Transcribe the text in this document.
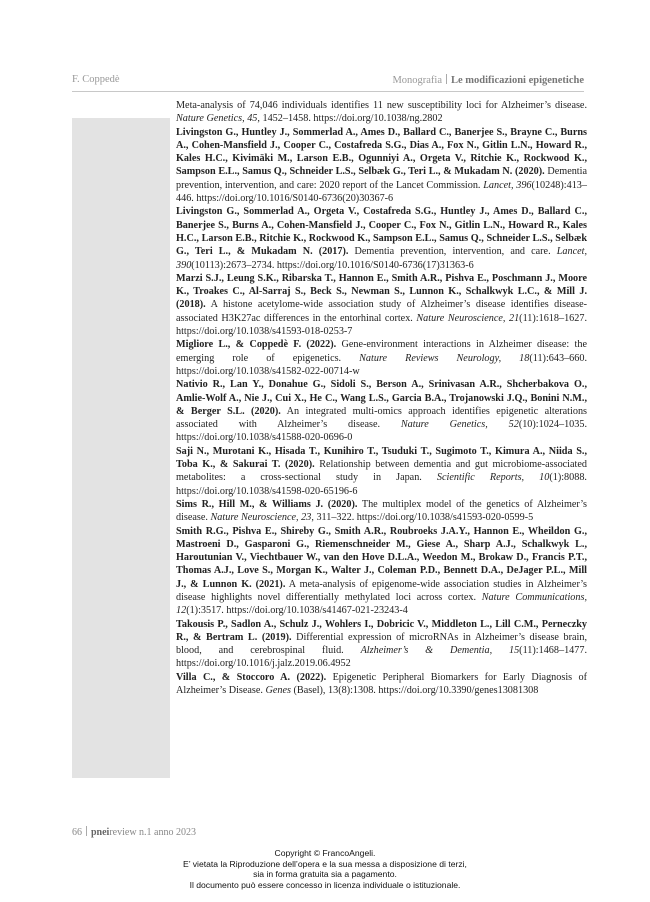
F. Coppedè	Monografia Le modificazioni epigenetiche

Meta-analysis of 74,046 individuals identifies 11 new susceptibility loci for Alzheimer’s disease. Nature Genetics, 45, 1452–1458. https://doi.org/10.1038/ng.2802

Livingston G., Huntley J., Sommerlad A., Ames D., Ballard C., Banerjee S., Brayne C., Burns A., Cohen-Mansfield J., Cooper C., Costafreda S.G., Dias A., Fox N., Gitlin L.N., Howard R., Kales H.C., Kivimäki M., Larson E.B., Ogunniyi A., Orgeta V., Ritchie K., Rockwood K., Sampson E.L., Samus Q., Schneider L.S., Selbæk G., Teri L., & Mukadam N. (2020). Dementia prevention, intervention, and care: 2020 report of the Lancet Commission. Lancet, 396(10248):413–446. https://doi.org/10.1016/S0140-6736(20)30367-6

Livingston G., Sommerlad A., Orgeta V., Costafreda S.G., Huntley J., Ames D., Ballard C., Banerjee S., Burns A., Cohen-Mansfield J., Cooper C., Fox N., Gitlin L.N., Howard R., Kales H.C., Larson E.B., Ritchie K., Rockwood K., Sampson E.L., Samus Q., Schneider L.S., Selbæk G., Teri L., & Mukadam N. (2017). Dementia prevention, intervention, and care. Lancet, 390(10113):2673–2734. https://doi.org/10.1016/S0140-6736(17)31363-6

Marzi S.J., Leung S.K., Ribarska T., Hannon E., Smith A.R., Pishva E., Poschmann J., Moore K., Troakes C., Al-Sarraj S., Beck S., Newman S., Lunnon K., Schalkwyk L.C., & Mill J. (2018). A histone acetylome-wide association study of Alzheimer’s disease identifies disease-associated H3K27ac differences in the entorhinal cortex. Nature Neuroscience, 21(11):1618–1627. https://doi.org/10.1038/s41593-018-0253-7

Migliore L., & Coppedè F. (2022). Gene-environment interactions in Alzheimer disease: the emerging role of epigenetics. Nature Reviews Neurology, 18(11):643–660. https://doi.org/10.1038/s41582-022-00714-w

Nativio R., Lan Y., Donahue G., Sidoli S., Berson A., Srinivasan A.R., Shcherbakova O., Amlie-Wolf A., Nie J., Cui X., He C., Wang L.S., Garcia B.A., Trojanowski J.Q., Bonini N.M., & Berger S.L. (2020). An integrated multi-omics approach identifies epigenetic alterations associated with Alzheimer’s disease. Nature Genetics, 52(10):1024–1035. https://doi.org/10.1038/s41588-020-0696-0

Saji N., Murotani K., Hisada T., Kunihiro T., Tsuduki T., Sugimoto T., Kimura A., Niida S., Toba K., & Sakurai T. (2020). Relationship between dementia and gut microbiome-associated metabolites: a cross-sectional study in Japan. Scientific Reports, 10(1):8088. https://doi.org/10.1038/s41598-020-65196-6

Sims R., Hill M., & Williams J. (2020). The multiplex model of the genetics of Alzheimer’s disease. Nature Neuroscience, 23, 311–322. https://doi.org/10.1038/s41593-020-0599-5

Smith R.G., Pishva E., Shireby G., Smith A.R., Roubroeks J.A.Y., Hannon E., Wheildon G., Mastroeni D., Gasparoni G., Riemenschneider M., Giese A., Sharp A.J., Schalkwyk L., Haroutunian V., Viechtbauer W., van den Hove D.L.A., Weedon M., Brokaw D., Francis P.T., Thomas A.J., Love S., Morgan K., Walter J., Coleman P.D., Bennett D.A., DeJager P.L., Mill J., & Lunnon K. (2021). A meta-analysis of epigenome-wide association studies in Alzheimer’s disease highlights novel differentially methylated loci across cortex. Nature Communications, 12(1):3517. https://doi.org/10.1038/s41467-021-23243-4

Takousis P., Sadlon A., Schulz J., Wohlers I., Dobricic V., Middleton L., Lill C.M., Perneczky R., & Bertram L. (2019). Differential expression of microRNAs in Alzheimer’s disease brain, blood, and cerebrospinal fluid. Alzheimer’s & Dementia, 15(11):1468–1477. https://doi.org/10.1016/j.jalz.2019.06.4952

Villa C., & Stoccoro A. (2022). Epigenetic Peripheral Biomarkers for Early Diagnosis of Alzheimer’s Disease. Genes (Basel), 13(8):1308. https://doi.org/10.3390/genes13081308

66 pneireview n.1 anno 2023
Copyright © FrancoAngeli.
E’ vietata la Riproduzione dell’opera e la sua messa a disposizione di terzi,
sia in forma gratuita sia a pagamento.
Il documento può essere concesso in licenza individuale o istituzionale.
